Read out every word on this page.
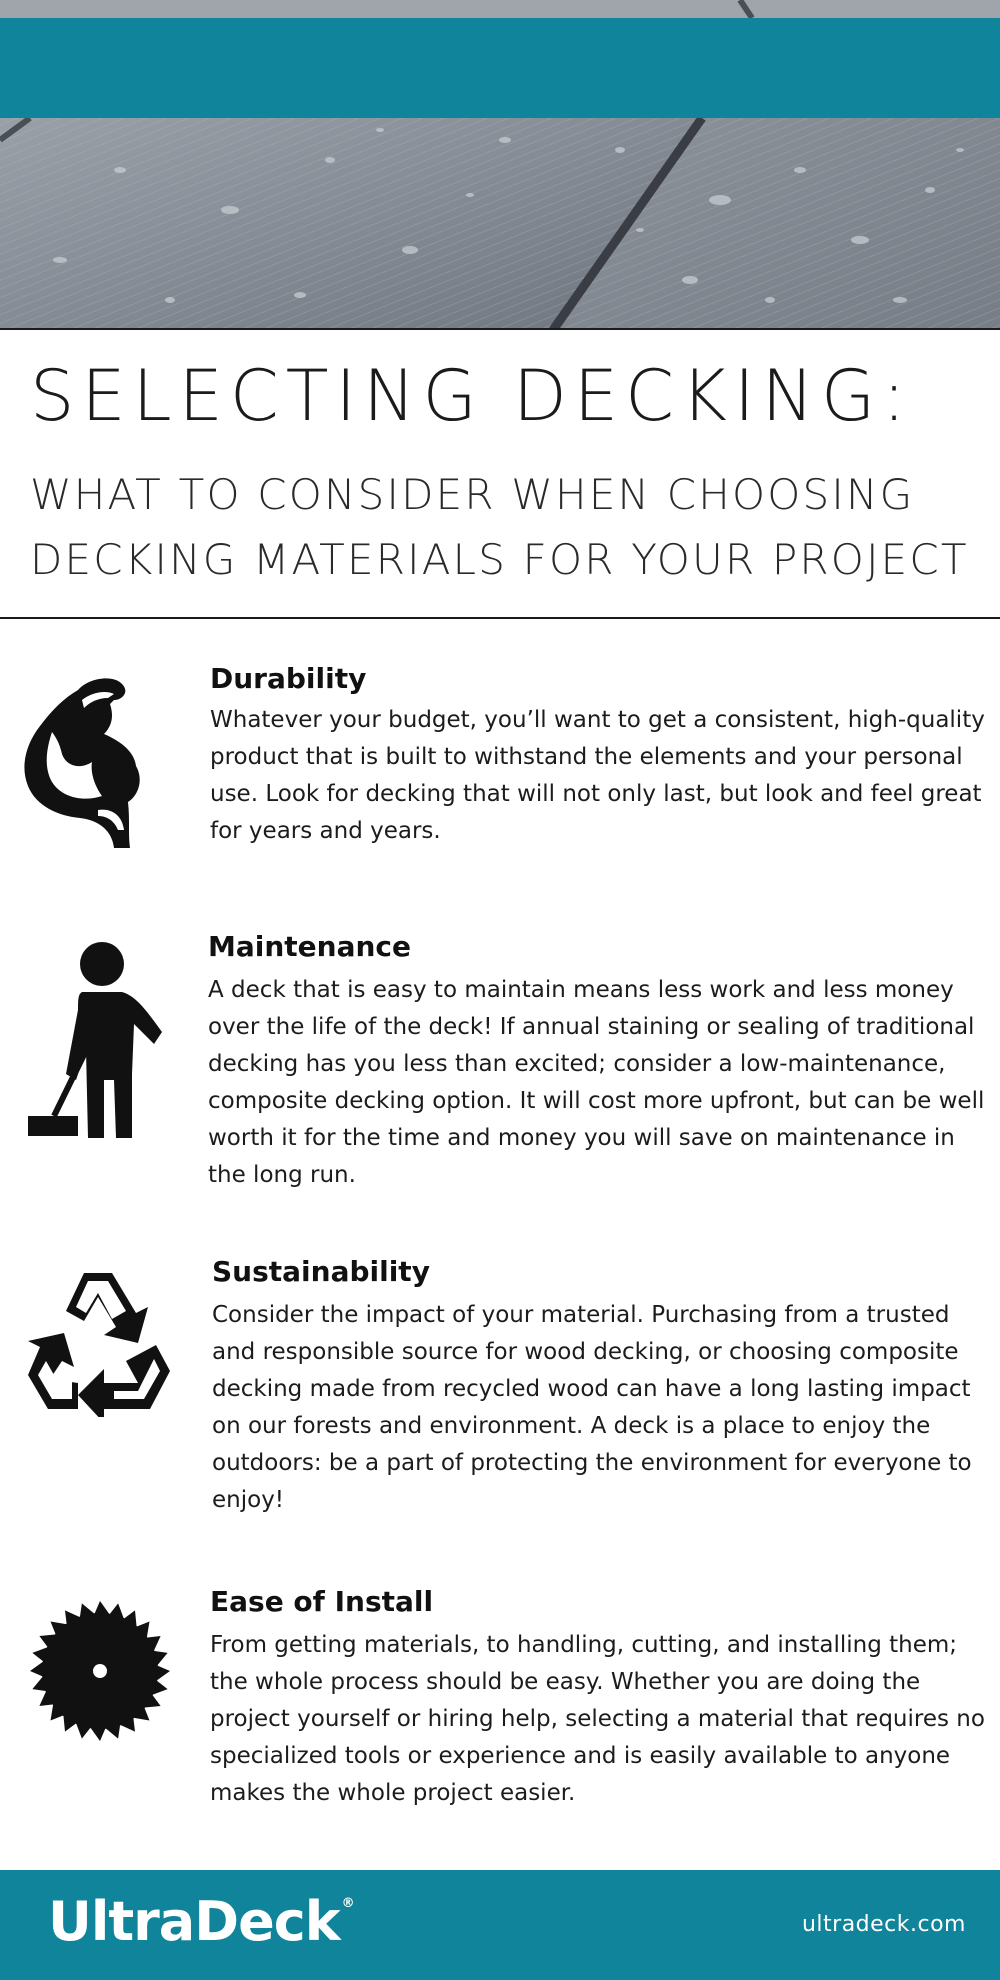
SELECTING DECKING:
WHAT TO CONSIDER WHEN CHOOSING
DECKING MATERIALS FOR YOUR PROJECT
Durability

Whatever your budget, you’ll want to get a consistent, high-quality product that is built to withstand the elements and your personal use. Look for decking that will not only last, but look and feel great for years and years.

Maintenance

A deck that is easy to maintain means less work and less money over the life of the deck! If annual staining or sealing of traditional decking has you less than excited; consider a low-maintenance, composite decking option. It will cost more upfront, but can be well worth it for the time and money you will save on maintenance in the long run.

Sustainability

Consider the impact of your material. Purchasing from a trusted and responsible source for wood decking, or choosing composite decking made from recycled wood can have a long lasting impact on our forests and environment. A deck is a place to enjoy the outdoors: be a part of protecting the environment for everyone to enjoy!

Ease of Install

From getting materials, to handling, cutting, and installing them; the whole process should be easy. Whether you are doing the project yourself or hiring help, selecting a material that requires no specialized tools or experience and is easily available to anyone makes the whole project easier.

UltraDeck ®
ultradeck.com
